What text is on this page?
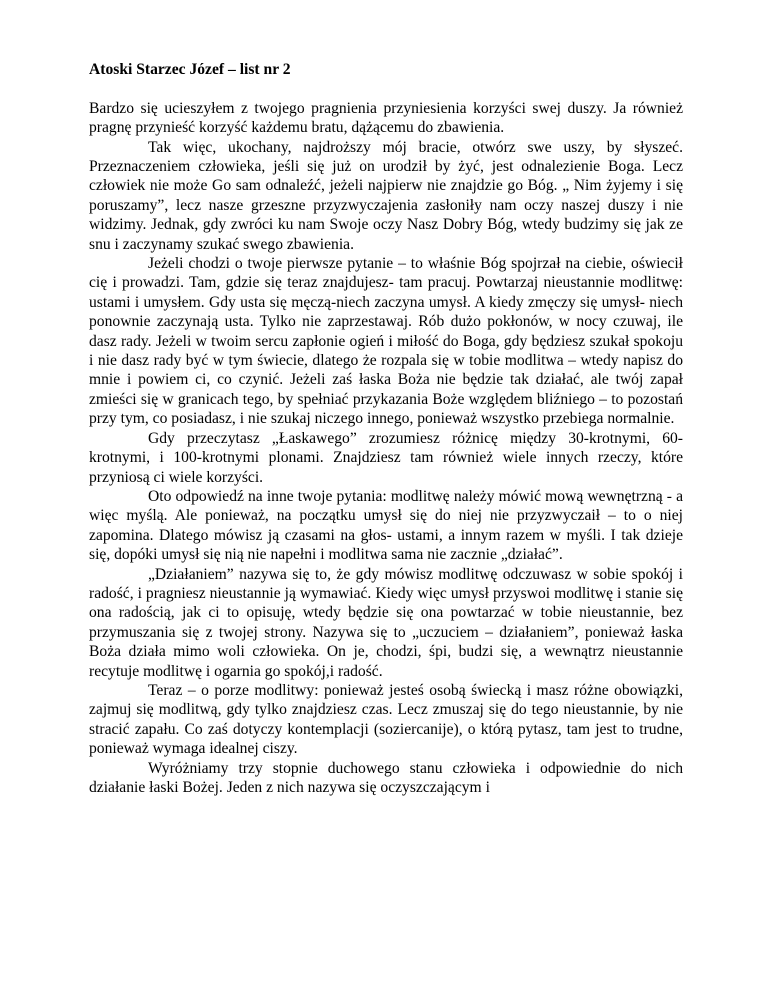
Atoski Starzec Józef – list nr 2

Bardzo się ucieszyłem z twojego pragnienia przyniesienia korzyści swej duszy. Ja również pragnę przynieść korzyść każdemu bratu, dążącemu do zbawienia.

Tak więc, ukochany, najdroższy mój bracie, otwórz swe uszy, by słyszeć. Przeznaczeniem człowieka, jeśli się już on urodził by żyć, jest odnalezienie Boga. Lecz człowiek nie może Go sam odnaleźć, jeżeli najpierw nie znajdzie go Bóg. „ Nim żyjemy i się poruszamy”, lecz nasze grzeszne przyzwyczajenia zasłoniły nam oczy naszej duszy i nie widzimy. Jednak, gdy zwróci ku nam Swoje oczy Nasz Dobry Bóg, wtedy budzimy się jak ze snu i zaczynamy szukać swego zbawienia.

Jeżeli chodzi o twoje pierwsze pytanie – to właśnie Bóg spojrzał na ciebie, oświecił cię i prowadzi. Tam, gdzie się teraz znajdujesz- tam pracuj. Powtarzaj nieustannie modlitwę: ustami i umysłem. Gdy usta się męczą-niech zaczyna umysł. A kiedy zmęczy się umysł- niech ponownie zaczynają usta. Tylko nie zaprzestawaj. Rób dużo pokłonów, w nocy czuwaj, ile dasz rady. Jeżeli w twoim sercu zapłonie ogień i miłość do Boga, gdy będziesz szukał spokoju i nie dasz rady być w tym świecie, dlatego że rozpala się w tobie modlitwa – wtedy napisz do mnie i powiem ci, co czynić. Jeżeli zaś łaska Boża nie będzie tak działać, ale twój zapał zmieści się w granicach tego, by spełniać przykazania Boże względem bliźniego – to pozostań przy tym, co posiadasz, i nie szukaj niczego innego, ponieważ wszystko przebiega normalnie.

Gdy przeczytasz „Łaskawego” zrozumiesz różnicę między 30-krotnymi, 60-krotnymi, i 100-krotnymi plonami. Znajdziesz tam również wiele innych rzeczy, które przyniosą ci wiele korzyści.

Oto odpowiedź na inne twoje pytania: modlitwę należy mówić mową wewnętrzną - a więc myślą. Ale ponieważ, na początku umysł się do niej nie przyzwyczaił – to o niej zapomina. Dlatego mówisz ją czasami na głos- ustami, a innym razem w myśli. I tak dzieje się, dopóki umysł się nią nie napełni i modlitwa sama nie zacznie „działać”.

„Działaniem” nazywa się to, że gdy mówisz modlitwę odczuwasz w sobie spokój i radość, i pragniesz nieustannie ją wymawiać. Kiedy więc umysł przyswoi modlitwę i stanie się ona radością, jak ci to opisuję, wtedy będzie się ona powtarzać w tobie nieustannie, bez przymuszania się z twojej strony. Nazywa się to „uczuciem – działaniem”, ponieważ łaska Boża działa mimo woli człowieka. On je, chodzi, śpi, budzi się, a wewnątrz nieustannie recytuje modlitwę i ogarnia go spokój,i radość.

Teraz – o porze modlitwy: ponieważ jesteś osobą świecką i masz różne obowiązki, zajmuj się modlitwą, gdy tylko znajdziesz czas. Lecz zmuszaj się do tego nieustannie, by nie stracić zapału. Co zaś dotyczy kontemplacji (soziercanije), o którą pytasz, tam jest to trudne, ponieważ wymaga idealnej ciszy.

Wyróżniamy trzy stopnie duchowego stanu człowieka i odpowiednie do nich działanie łaski Bożej. Jeden z nich nazywa się oczyszczającym i
